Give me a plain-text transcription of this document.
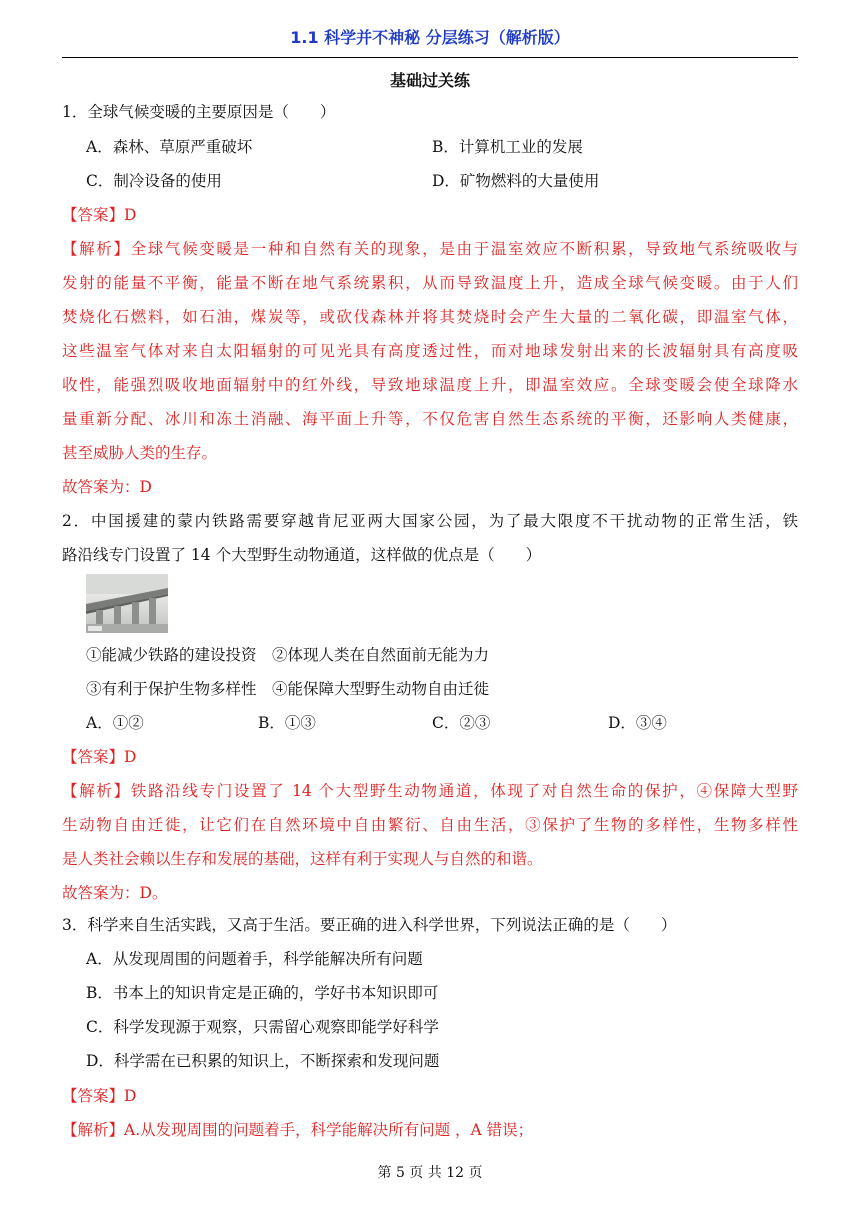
1.1 科学并不神秘 分层练习（解析版）
基础过关练
1．全球气候变暖的主要原因是（　　）
A．森林、草原严重破坏	B．计算机工业的发展
C．制冷设备的使用	D．矿物燃料的大量使用
【答案】D
【解析】全球气候变暖是一种和自然有关的现象，是由于温室效应不断积累，导致地气系统吸收与
发射的能量不平衡，能量不断在地气系统累积，从而导致温度上升，造成全球气候变暖。由于人们
焚烧化石燃料，如石油，煤炭等，或砍伐森林并将其焚烧时会产生大量的二氧化碳，即温室气体，
这些温室气体对来自太阳辐射的可见光具有高度透过性，而对地球发射出来的长波辐射具有高度吸
收性，能强烈吸收地面辐射中的红外线，导致地球温度上升，即温室效应。全球变暖会使全球降水
量重新分配、冰川和冻土消融、海平面上升等，不仅危害自然生态系统的平衡，还影响人类健康，
甚至威胁人类的生存。
故答案为：D
2．中国援建的蒙内铁路需要穿越肯尼亚两大国家公园，为了最大限度不干扰动物的正常生活，铁
路沿线专门设置了 14 个大型野生动物通道，这样做的优点是（　　）
①能减少铁路的建设投资　②体现人类在自然面前无能为力
③有利于保护生物多样性　④能保障大型野生动物自由迁徙
A．①②	B．①③	C．②③	D．③④
【答案】D
【解析】铁路沿线专门设置了 14 个大型野生动物通道，体现了对自然生命的保护，④保障大型野
生动物自由迁徙，让它们在自然环境中自由繁衍、自由生活，③保护了生物的多样性，生物多样性
是人类社会赖以生存和发展的基础，这样有利于实现人与自然的和谐。
故答案为：D。
3．科学来自生活实践，又高于生活。要正确的进入科学世界，下列说法正确的是（　　）
A．从发现周围的问题着手，科学能解决所有问题
B．书本上的知识肯定是正确的，学好书本知识即可
C．科学发现源于观察，只需留心观察即能学好科学
D．科学需在已积累的知识上，不断探索和发现问题
【答案】D
【解析】A.从发现周围的问题着手，科学能解决所有问题 ，A 错误；
第 5 页 共 12 页
